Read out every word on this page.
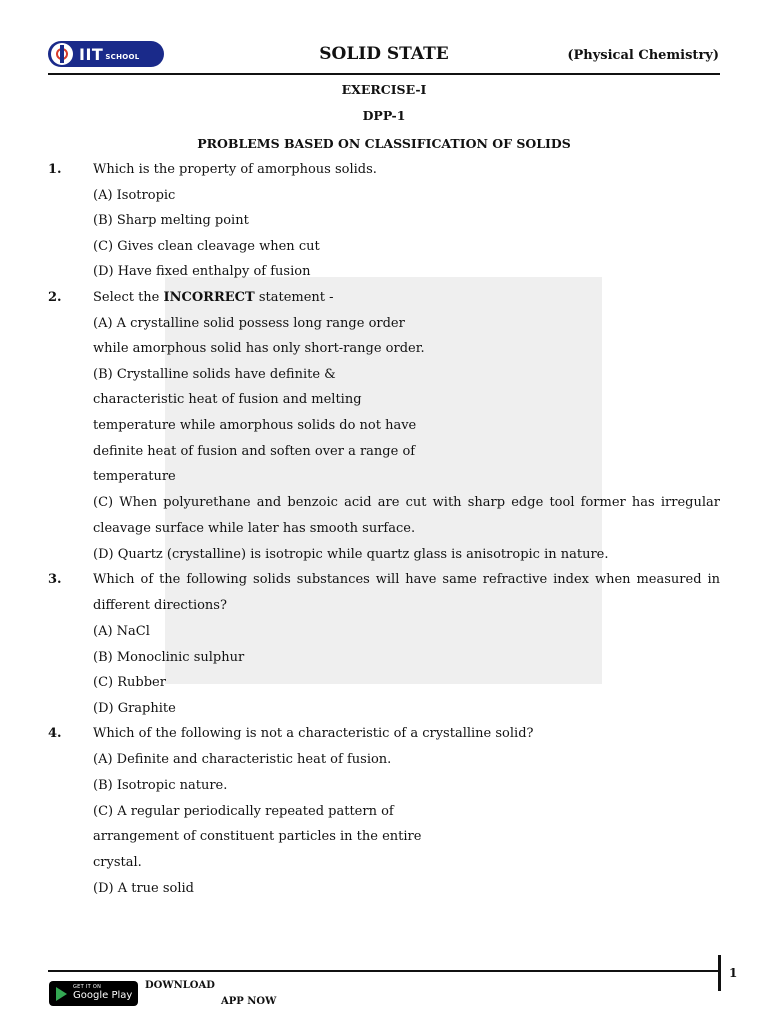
IIT SCHOOL	SOLID STATE	(Physical Chemistry)
EXERCISE-I
DPP-1
PROBLEMS BASED ON CLASSIFICATION OF SOLIDS
1. Which is the property of amorphous solids.
(A) Isotropic
(B) Sharp melting point
(C) Gives clean cleavage when cut
(D) Have fixed enthalpy of fusion
2. Select the INCORRECT statement -
(A) A crystalline solid possess long range order
while amorphous solid has only short-range order.
(B) Crystalline solids have definite &
characteristic heat of fusion and melting
temperature while amorphous solids do not have
definite heat of fusion and soften over a range of
temperature
(C) When polyurethane and benzoic acid are cut with sharp edge tool former has irregular
cleavage surface while later has smooth surface.
(D) Quartz (crystalline) is isotropic while quartz glass is anisotropic in nature.
3. Which of the following solids substances will have same refractive index when measured in
different directions?
(A) NaCl
(B) Monoclinic sulphur
(C) Rubber
(D) Graphite
4. Which of the following is not a characteristic of a crystalline solid?
(A) Definite and characteristic heat of fusion.
(B) Isotropic nature.
(C) A regular periodically repeated pattern of
arrangement of constituent particles in the entire
crystal.
(D) A true solid
1
GET IT ON
Google Play
DOWNLOAD
APP NOW
